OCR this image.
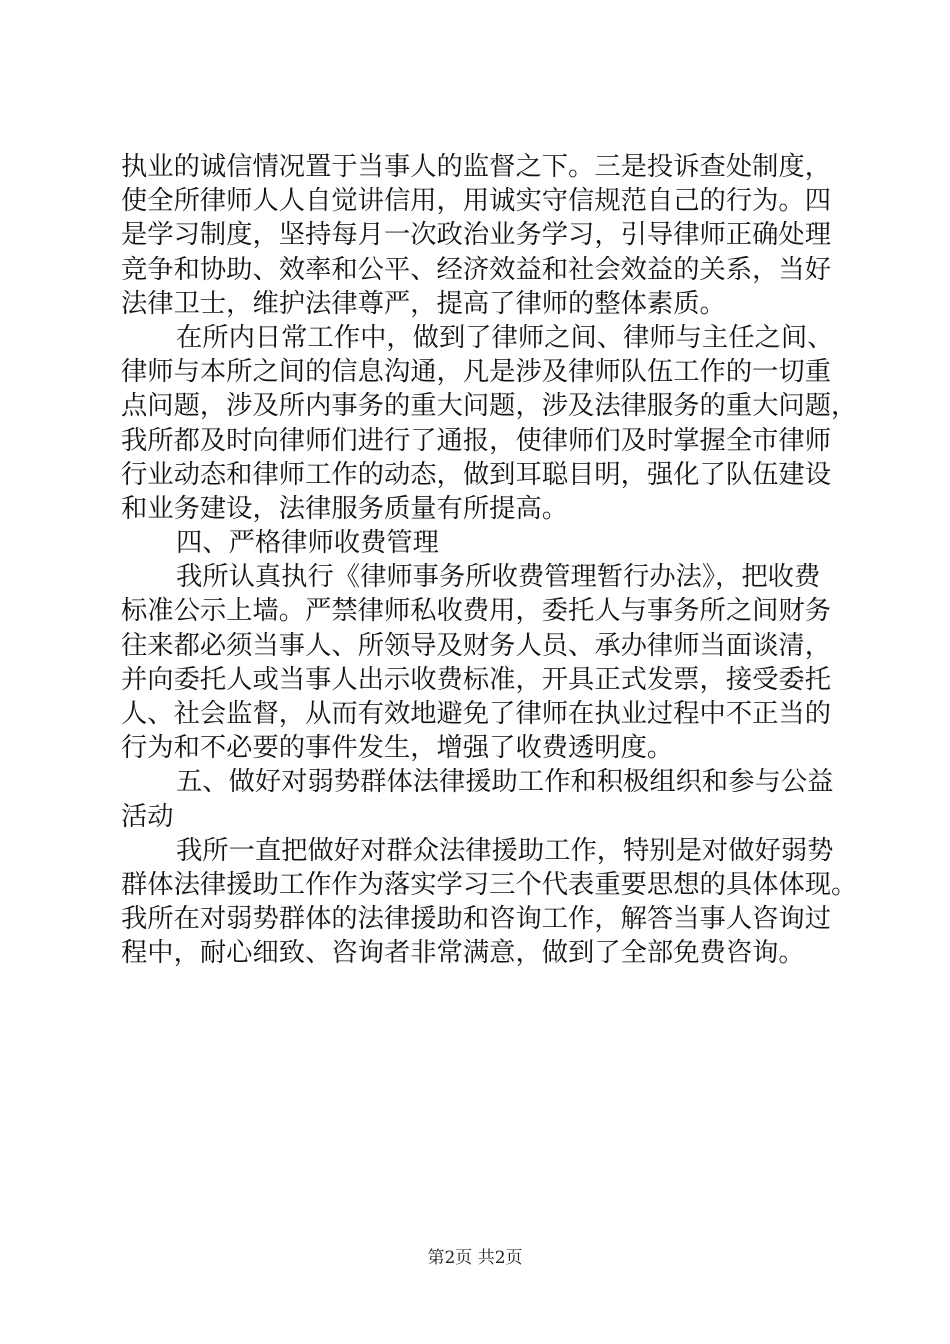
执业的诚信情况置于当事人的监督之下。三是投诉查处制度，
使全所律师人人自觉讲信用，用诚实守信规范自己的行为。四
是学习制度，坚持每月一次政治业务学习，引导律师正确处理
竞争和协助、效率和公平、经济效益和社会效益的关系，当好
法律卫士，维护法律尊严，提高了律师的整体素质。
在所内日常工作中，做到了律师之间、律师与主任之间、
律师与本所之间的信息沟通，凡是涉及律师队伍工作的一切重
点问题，涉及所内事务的重大问题，涉及法律服务的重大问题，
我所都及时向律师们进行了通报，使律师们及时掌握全市律师
行业动态和律师工作的动态，做到耳聪目明，强化了队伍建设
和业务建设，法律服务质量有所提高。
四、严格律师收费管理
我所认真执行《律师事务所收费管理暂行办法》，把收费
标准公示上墙。严禁律师私收费用，委托人与事务所之间财务
往来都必须当事人、所领导及财务人员、承办律师当面谈清，
并向委托人或当事人出示收费标准，开具正式发票，接受委托
人、社会监督，从而有效地避免了律师在执业过程中不正当的
行为和不必要的事件发生，增强了收费透明度。
五、做好对弱势群体法律援助工作和积极组织和参与公益
活动
我所一直把做好对群众法律援助工作，特别是对做好弱势
群体法律援助工作作为落实学习三个代表重要思想的具体体现。
我所在对弱势群体的法律援助和咨询工作，解答当事人咨询过
程中，耐心细致、咨询者非常满意，做到了全部免费咨询。
第2页 共2页
